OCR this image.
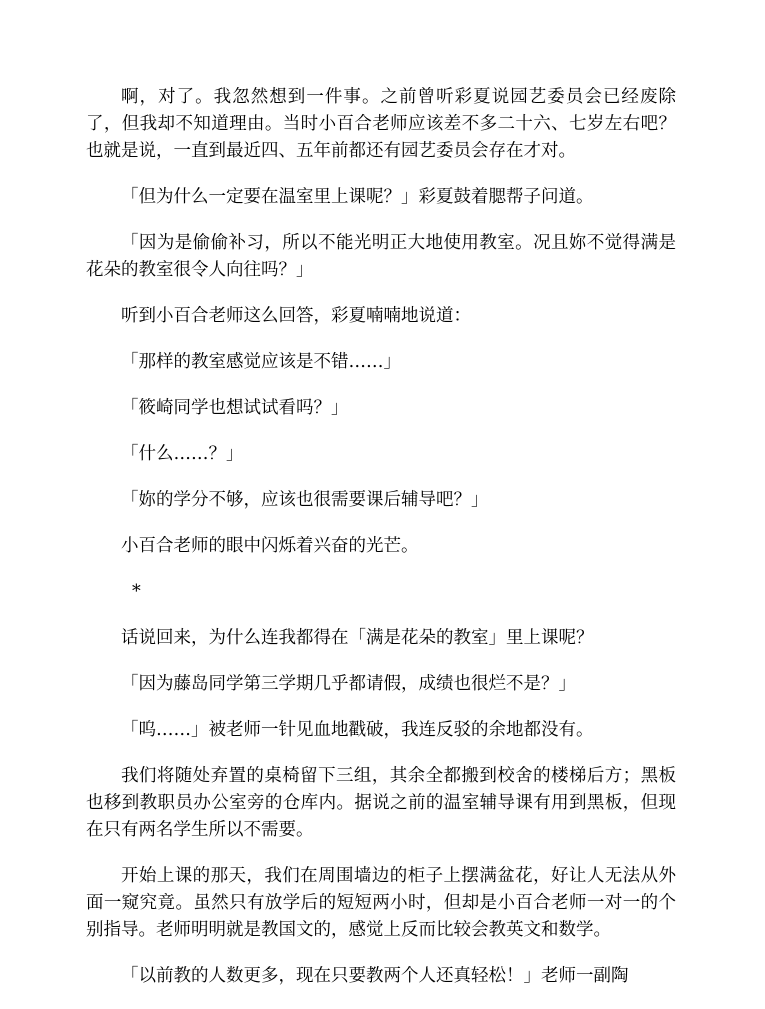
啊，对了。我忽然想到一件事。之前曾听彩夏说园艺委员会已经废除了，但我却不知道理由。当时小百合老师应该差不多二十六、七岁左右吧？也就是说，一直到最近四、五年前都还有园艺委员会存在才对。

「但为什么一定要在温室里上课呢？」彩夏鼓着腮帮子问道。

「因为是偷偷补习，所以不能光明正大地使用教室。况且妳不觉得满是花朵的教室很令人向往吗？」

听到小百合老师这么回答，彩夏喃喃地说道：

「那样的教室感觉应该是不错……」

「筱崎同学也想试试看吗？」

「什么……？」

「妳的学分不够，应该也很需要课后辅导吧？」

小百合老师的眼中闪烁着兴奋的光芒。

*

话说回来，为什么连我都得在「满是花朵的教室」里上课呢？

「因为藤岛同学第三学期几乎都请假，成绩也很烂不是？」

「呜……」被老师一针见血地戳破，我连反驳的余地都没有。

我们将随处弃置的桌椅留下三组，其余全都搬到校舍的楼梯后方；黑板也移到教职员办公室旁的仓库内。据说之前的温室辅导课有用到黑板，但现在只有两名学生所以不需要。

开始上课的那天，我们在周围墙边的柜子上摆满盆花，好让人无法从外面一窥究竟。虽然只有放学后的短短两小时，但却是小百合老师一对一的个别指导。老师明明就是教国文的，感觉上反而比较会教英文和数学。

「以前教的人数更多，现在只要教两个人还真轻松！」老师一副陶
